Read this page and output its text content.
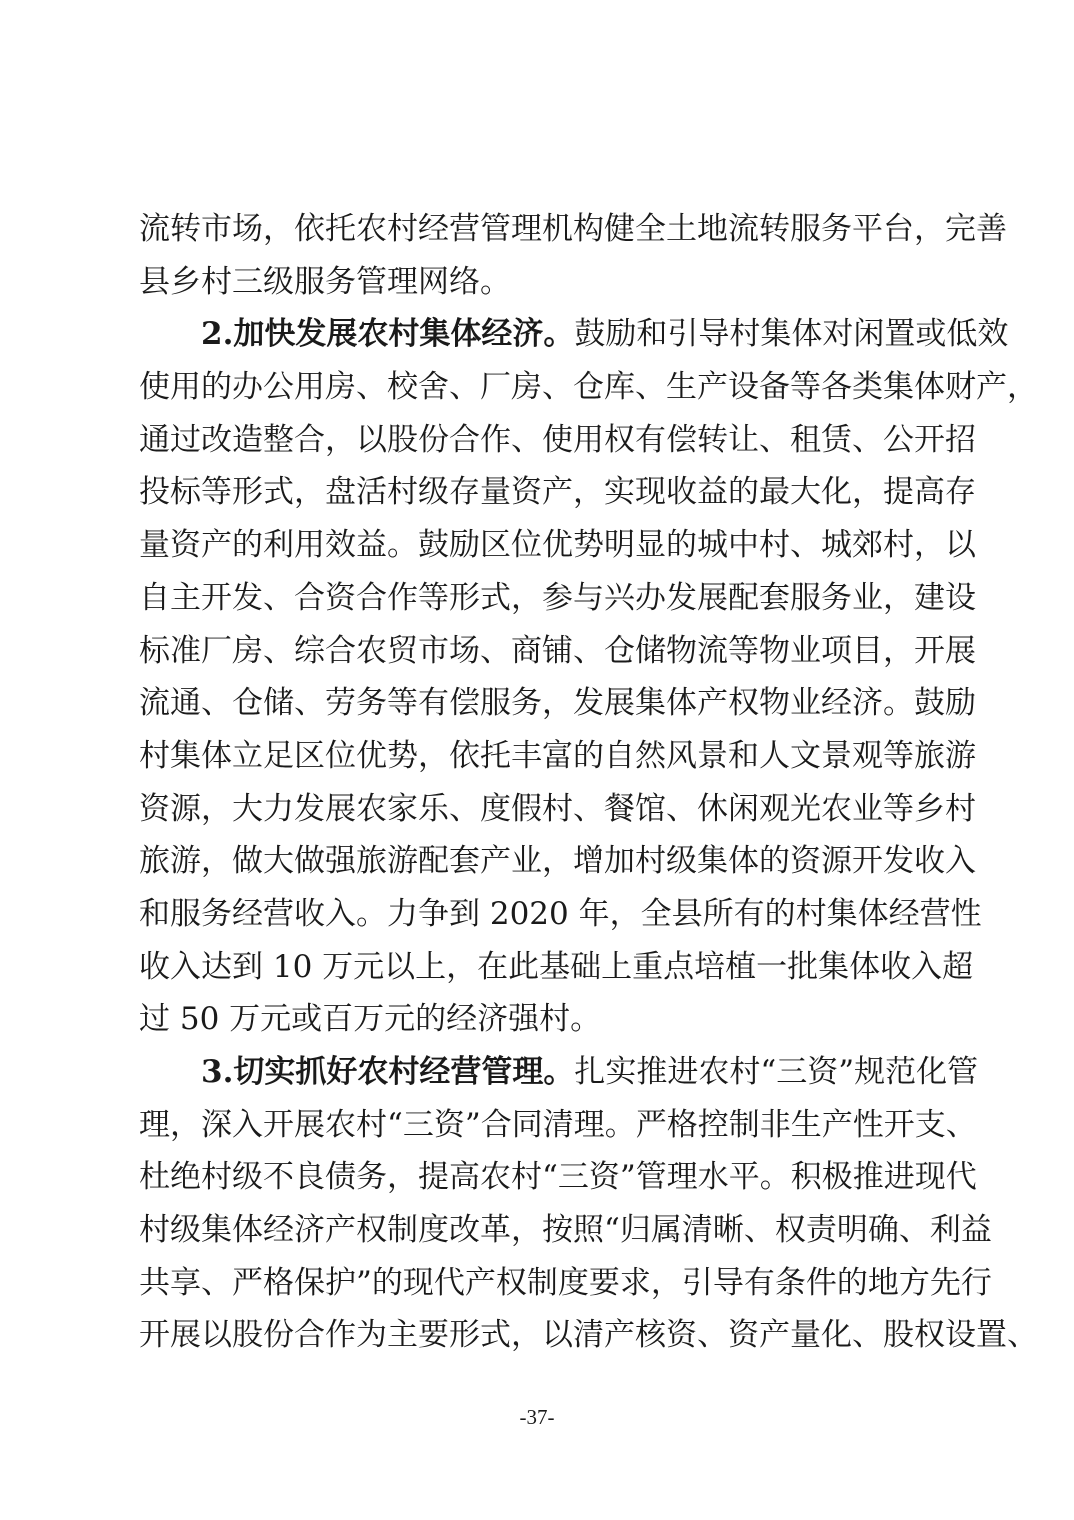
流转市场，依托农村经营管理机构健全土地流转服务平台，完善
县乡村三级服务管理网络。
2.加快发展农村集体经济。鼓励和引导村集体对闲置或低效
使用的办公用房、校舍、厂房、仓库、生产设备等各类集体财产，
通过改造整合，以股份合作、使用权有偿转让、租赁、公开招
投标等形式，盘活村级存量资产，实现收益的最大化，提高存
量资产的利用效益。鼓励区位优势明显的城中村、城郊村，以
自主开发、合资合作等形式，参与兴办发展配套服务业，建设
标准厂房、综合农贸市场、商铺、仓储物流等物业项目，开展
流通、仓储、劳务等有偿服务，发展集体产权物业经济。鼓励
村集体立足区位优势，依托丰富的自然风景和人文景观等旅游
资源，大力发展农家乐、度假村、餐馆、休闲观光农业等乡村
旅游，做大做强旅游配套产业，增加村级集体的资源开发收入
和服务经营收入。力争到 2020 年，全县所有的村集体经营性
收入达到 10 万元以上，在此基础上重点培植一批集体收入超
过 50 万元或百万元的经济强村。
3.切实抓好农村经营管理。扎实推进农村“三资”规范化管
理，深入开展农村“三资”合同清理。严格控制非生产性开支、
杜绝村级不良债务，提高农村“三资”管理水平。积极推进现代
村级集体经济产权制度改革，按照“归属清晰、权责明确、利益
共享、严格保护”的现代产权制度要求，引导有条件的地方先行
开展以股份合作为主要形式，以清产核资、资产量化、股权设置、
-37-
